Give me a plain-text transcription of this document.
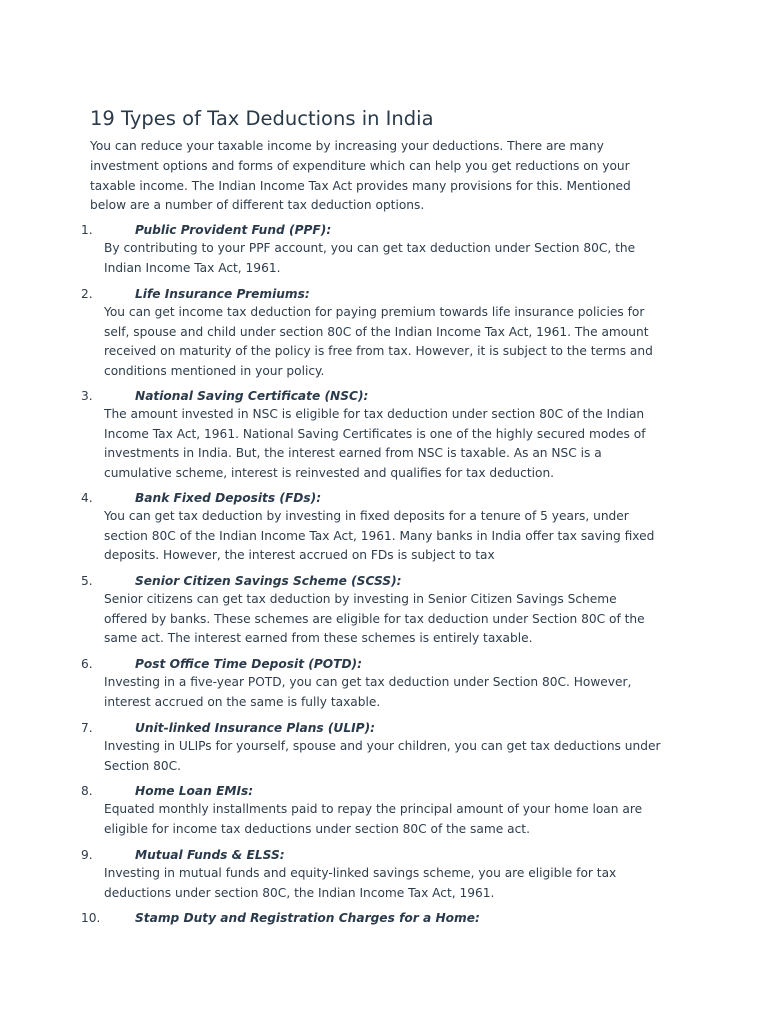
19 Types of Tax Deductions in India

You can reduce your taxable income by increasing your deductions. There are many
investment options and forms of expenditure which can help you get reductions on your
taxable income. The Indian Income Tax Act provides many provisions for this. Mentioned
below are a number of different tax deduction options.

1.	Public Provident Fund (PPF):

By contributing to your PPF account, you can get tax deduction under Section 80C, the
Indian Income Tax Act, 1961.

2.	Life Insurance Premiums:

You can get income tax deduction for paying premium towards life insurance policies for
self, spouse and child under section 80C of the Indian Income Tax Act, 1961. The amount
received on maturity of the policy is free from tax. However, it is subject to the terms and
conditions mentioned in your policy.

3.	National Saving Certificate (NSC):

The amount invested in NSC is eligible for tax deduction under section 80C of the Indian
Income Tax Act, 1961. National Saving Certificates is one of the highly secured modes of
investments in India. But, the interest earned from NSC is taxable. As an NSC is a
cumulative scheme, interest is reinvested and qualifies for tax deduction.

4.	Bank Fixed Deposits (FDs):

You can get tax deduction by investing in fixed deposits for a tenure of 5 years, under
section 80C of the Indian Income Tax Act, 1961. Many banks in India offer tax saving fixed
deposits. However, the interest accrued on FDs is subject to tax

5.	Senior Citizen Savings Scheme (SCSS):

Senior citizens can get tax deduction by investing in Senior Citizen Savings Scheme
offered by banks. These schemes are eligible for tax deduction under Section 80C of the
same act. The interest earned from these schemes is entirely taxable.

6.	Post Office Time Deposit (POTD):

Investing in a five-year POTD, you can get tax deduction under Section 80C. However,
interest accrued on the same is fully taxable.

7.	Unit-linked Insurance Plans (ULIP):

Investing in ULIPs for yourself, spouse and your children, you can get tax deductions under
Section 80C.

8.	Home Loan EMIs:

Equated monthly installments paid to repay the principal amount of your home loan are
eligible for income tax deductions under section 80C of the same act.

9.	Mutual Funds & ELSS:

Investing in mutual funds and equity-linked savings scheme, you are eligible for tax
deductions under section 80C, the Indian Income Tax Act, 1961.

10.	Stamp Duty and Registration Charges for a Home:
